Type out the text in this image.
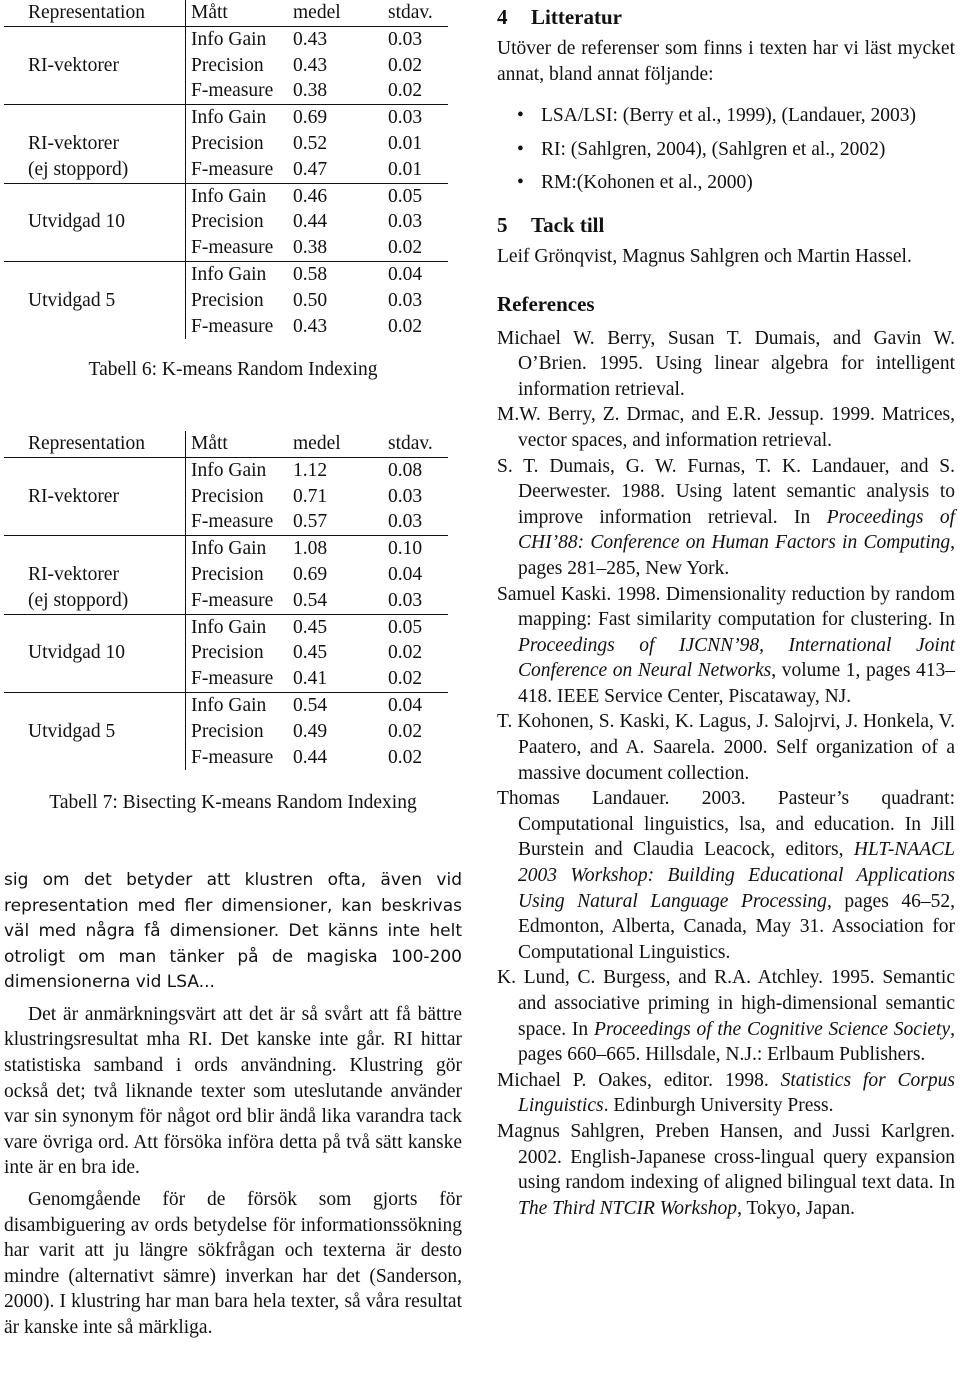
Representation	Mått	medel	stdav.
	Info Gain	0.43	0.03
RI-vektorer	Precision	0.43	0.02
	F-measure	0.38	0.02
	Info Gain	0.69	0.03
RI-vektorer	Precision	0.52	0.01
(ej stoppord)	F-measure	0.47	0.01
	Info Gain	0.46	0.05
Utvidgad 10	Precision	0.44	0.03
	F-measure	0.38	0.02
	Info Gain	0.58	0.04
Utvidgad 5	Precision	0.50	0.03
	F-measure	0.43	0.02
Tabell 6: K-means Random Indexing
Representation	Mått	medel	stdav.
	Info Gain	1.12	0.08
RI-vektorer	Precision	0.71	0.03
	F-measure	0.57	0.03
	Info Gain	1.08	0.10
RI-vektorer	Precision	0.69	0.04
(ej stoppord)	F-measure	0.54	0.03
	Info Gain	0.45	0.05
Utvidgad 10	Precision	0.45	0.02
	F-measure	0.41	0.02
	Info Gain	0.54	0.04
Utvidgad 5	Precision	0.49	0.02
	F-measure	0.44	0.02
Tabell 7: Bisecting K-means Random Indexing

sig om det betyder att klustren ofta, även vid representation med fler dimensioner, kan beskrivas väl med några få dimensioner. Det känns inte helt otroligt om man tänker på de magiska 100-200 dimensionerna vid LSA...

Det är anmärkningsvärt att det är så svårt att få bättre klustringsresultat mha RI. Det kanske inte går. RI hittar statistiska samband i ords användning. Klustring gör också det; två liknande texter som uteslutande använder var sin synonym för något ord blir ändå lika varandra tack vare övriga ord. Att försöka införa detta på två sätt kanske inte är en bra ide.

Genomgående för de försök som gjorts för disambiguering av ords betydelse för informationssökning har varit att ju längre sökfrågan och texterna är desto mindre (alternativt sämre) inverkan har det (Sanderson, 2000). I klustring har man bara hela texter, så våra resultat är kanske inte så märkliga.

4 Litteratur

Utöver de referenser som finns i texten har vi läst mycket annat, bland annat följande:

• LSA/LSI: (Berry et al., 1999), (Landauer, 2003)
• RI: (Sahlgren, 2004), (Sahlgren et al., 2002)
• RM:(Kohonen et al., 2000)
5 Tack till

Leif Grönqvist, Magnus Sahlgren och Martin Hassel.

References

Michael W. Berry, Susan T. Dumais, and Gavin W. O’Brien. 1995. Using linear algebra for intelligent information retrieval.

M.W. Berry, Z. Drmac, and E.R. Jessup. 1999. Matrices, vector spaces, and information retrieval.

S. T. Dumais, G. W. Furnas, T. K. Landauer, and S. Deerwester. 1988. Using latent semantic analysis to improve information retrieval. In Proceedings of CHI’88: Conference on Human Factors in Computing, pages 281–285, New York.

Samuel Kaski. 1998. Dimensionality reduction by random mapping: Fast similarity computation for clustering. In Proceedings of IJCNN’98, International Joint Conference on Neural Networks, volume 1, pages 413–418. IEEE Service Center, Piscataway, NJ.

T. Kohonen, S. Kaski, K. Lagus, J. Salojrvi, J. Honkela, V. Paatero, and A. Saarela. 2000. Self organization of a massive document collection.

Thomas Landauer. 2003. Pasteur’s quadrant: Computational linguistics, lsa, and education. In Jill Burstein and Claudia Leacock, editors, HLT-NAACL 2003 Workshop: Building Educational Applications Using Natural Language Processing, pages 46–52, Edmonton, Alberta, Canada, May 31. Association for Computational Linguistics.

K. Lund, C. Burgess, and R.A. Atchley. 1995. Semantic and associative priming in high-dimensional semantic space. In Proceedings of the Cognitive Science Society, pages 660–665. Hillsdale, N.J.: Erlbaum Publishers.

Michael P. Oakes, editor. 1998. Statistics for Corpus Linguistics. Edinburgh University Press.

Magnus Sahlgren, Preben Hansen, and Jussi Karlgren. 2002. English-Japanese cross-lingual query expansion using random indexing of aligned bilingual text data. In The Third NTCIR Workshop, Tokyo, Japan.
